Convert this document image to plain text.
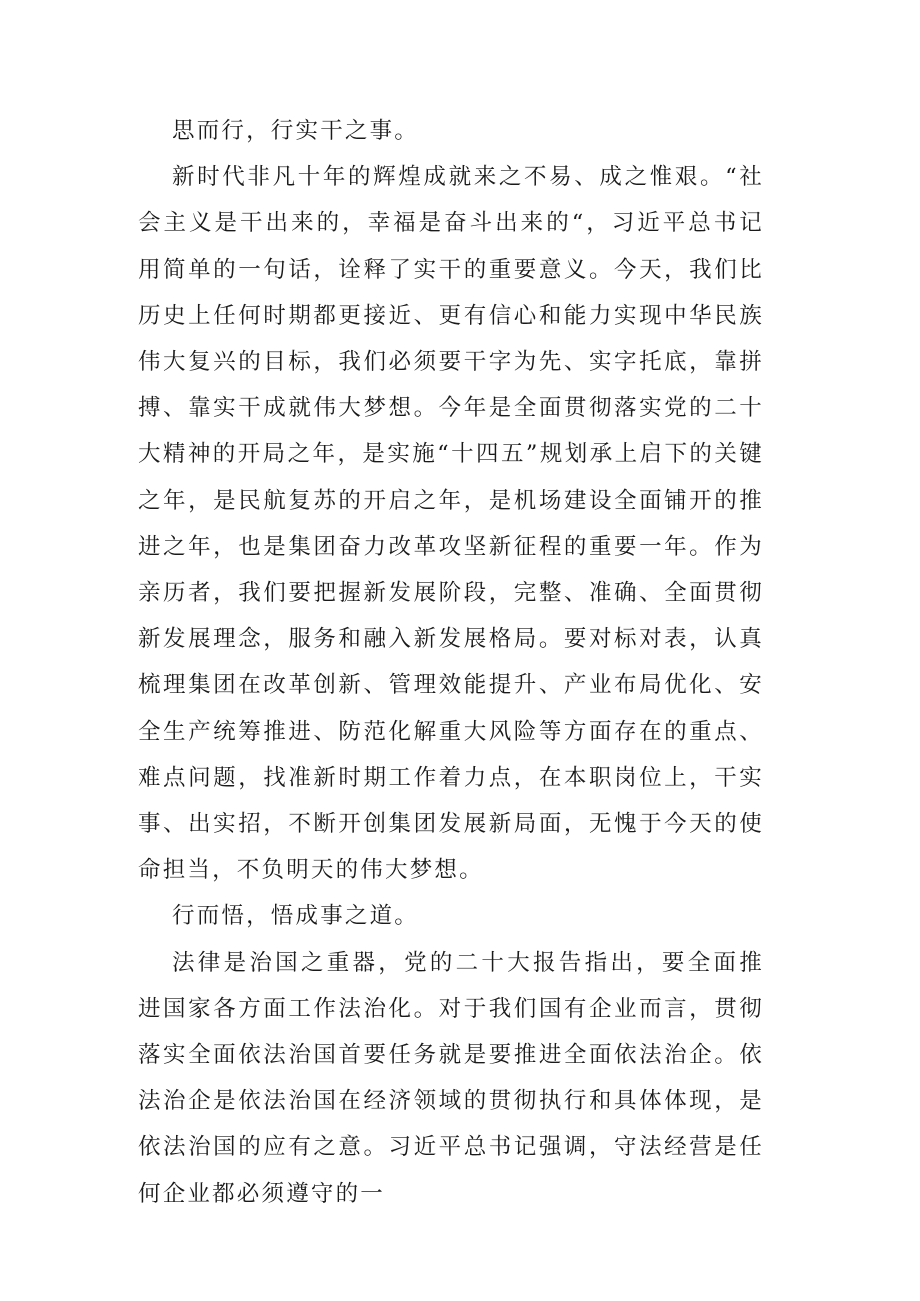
思而行，行实干之事。

新时代非凡十年的辉煌成就来之不易、成之惟艰。“社会主义是干出来的，幸福是奋斗出来的“，习近平总书记用简单的一句话，诠释了实干的重要意义。今天，我们比历史上任何时期都更接近、更有信心和能力实现中华民族伟大复兴的目标，我们必须要干字为先、实字托底，靠拼搏、靠实干成就伟大梦想。今年是全面贯彻落实党的二十大精神的开局之年，是实施“十四五”规划承上启下的关键之年，是民航复苏的开启之年，是机场建设全面铺开的推进之年，也是集团奋力改革攻坚新征程的重要一年。作为亲历者，我们要把握新发展阶段，完整、准确、全面贯彻新发展理念，服务和融入新发展格局。要对标对表，认真梳理集团在改革创新、管理效能提升、产业布局优化、安全生产统筹推进、防范化解重大风险等方面存在的重点、难点问题，找准新时期工作着力点，在本职岗位上，干实事、出实招，不断开创集团发展新局面，无愧于今天的使命担当，不负明天的伟大梦想。

行而悟，悟成事之道。

法律是治国之重器，党的二十大报告指出，要全面推进国家各方面工作法治化。对于我们国有企业而言，贯彻落实全面依法治国首要任务就是要推进全面依法治企。依法治企是依法治国在经济领域的贯彻执行和具体体现，是依法治国的应有之意。习近平总书记强调，守法经营是任何企业都必须遵守的一
